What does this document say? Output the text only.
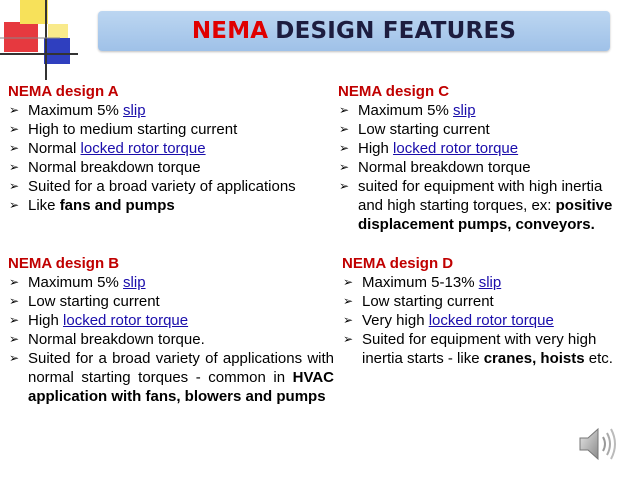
NEMA DESIGN FEATURES

NEMA design A

➢ Maximum 5% slip
➢ High to medium starting current
➢ Normal locked rotor torque
➢ Normal breakdown torque
➢ Suited for a broad variety of applications
➢ Like fans and pumps

NEMA design C

➢ Maximum 5% slip
➢ Low starting current
➢ High locked rotor torque
➢ Normal breakdown torque
➢ suited for equipment with high inertia and high starting torques, ex: positive displacement pumps, conveyors.

NEMA design B

➢ Maximum 5% slip
➢ Low starting current
➢ High locked rotor torque
➢ Normal breakdown torque.
➢ Suited for a broad variety of applications with normal starting torques - common in HVAC application with fans, blowers and pumps

NEMA design D

➢ Maximum 5-13% slip
➢ Low starting current
➢ Very high locked rotor torque
➢ Suited for equipment with very high inertia starts - like cranes, hoists etc.
